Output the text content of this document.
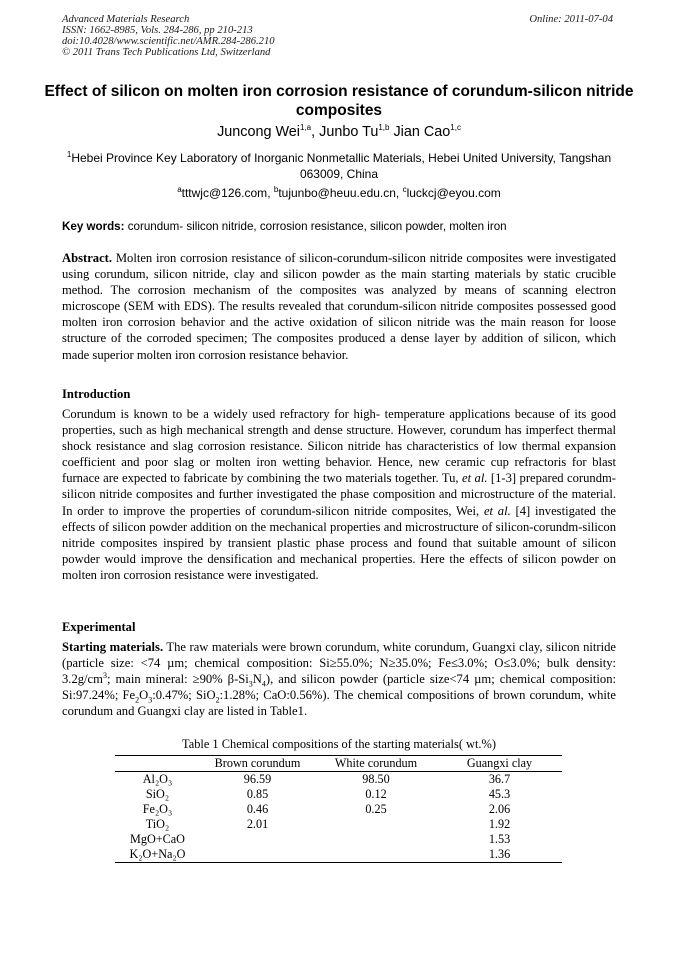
Advanced Materials Research
ISSN: 1662-8985, Vols. 284-286, pp 210-213
doi:10.4028/www.scientific.net/AMR.284-286.210
© 2011 Trans Tech Publications Ltd, Switzerland
Online: 2011-07-04
Effect of silicon on molten iron corrosion resistance of corundum-silicon nitride composites
Juncong Wei$^{1,a}$, Junbo Tu$^{1,b}$ Jian Cao$^{1,c}$
$^1$Hebei Province Key Laboratory of Inorganic Nonmetallic Materials, Hebei United University, Tangshan 063009, China
$^a$tttwjc@126.com, $^b$tujunbo@heuu.edu.cn, $^c$luckcj@eyou.com
Key words: corundum- silicon nitride, corrosion resistance, silicon powder, molten iron
Abstract. Molten iron corrosion resistance of silicon-corundum-silicon nitride composites were investigated using corundum, silicon nitride, clay and silicon powder as the main starting materials by static crucible method. The corrosion mechanism of the composites was analyzed by means of scanning electron microscope (SEM with EDS). The results revealed that corundum-silicon nitride composites possessed good molten iron corrosion behavior and the active oxidation of silicon nitride was the main reason for loose structure of the corroded specimen; The composites produced a dense layer by addition of silicon, which made superior molten iron corrosion resistance behavior.
Introduction
Corundum is known to be a widely used refractory for high- temperature applications because of its good properties, such as high mechanical strength and dense structure. However, corundum has imperfect thermal shock resistance and slag corrosion resistance. Silicon nitride has characteristics of low thermal expansion coefficient and poor slag or molten iron wetting behavior. Hence, new ceramic cup refractoris for blast furnace are expected to fabricate by combining the two materials together. Tu, et al. [1-3] prepared corundm-silicon nitride composites and further investigated the phase composition and microstructure of the material. In order to improve the properties of corundum-silicon nitride composites, Wei, et al. [4] investigated the effects of silicon powder addition on the mechanical properties and microstructure of silicon-corundm-silicon nitride composites inspired by transient plastic phase process and found that suitable amount of silicon powder would improve the densification and mechanical properties. Here the effects of silicon powder on molten iron corrosion resistance were investigated.
Experimental
Starting materials. The raw materials were brown corundum, white corundum, Guangxi clay, silicon nitride (particle size: <74 µm; chemical composition: Si≥55.0%; N≥35.0%; Fe≤3.0%; O≤3.0%; bulk density: $3.2g/cm^3$; main mineral: ≥90% $\beta-Si_3N_4$), and silicon powder (particle size<74 µm; chemical composition: Si:97.24%; $Fe_2O_3:0.47\%$; SiO$_2$:1.28%; CaO:0.56%). The chemical compositions of brown corundum, white corundum and Guangxi clay are listed in Table1.
Table 1 Chemical compositions of the starting materials( wt.%)
	Brown corundum	White corundum	Guangxi clay
Al₂O₃	96.59	98.50	36.7
SiO₂	0.85	0.12	45.3
Fe₂O₃	0.46	0.25	2.06
TiO₂	2.01		1.92
MgO+CaO			1.53
K₂O+Na₂O			1.36
